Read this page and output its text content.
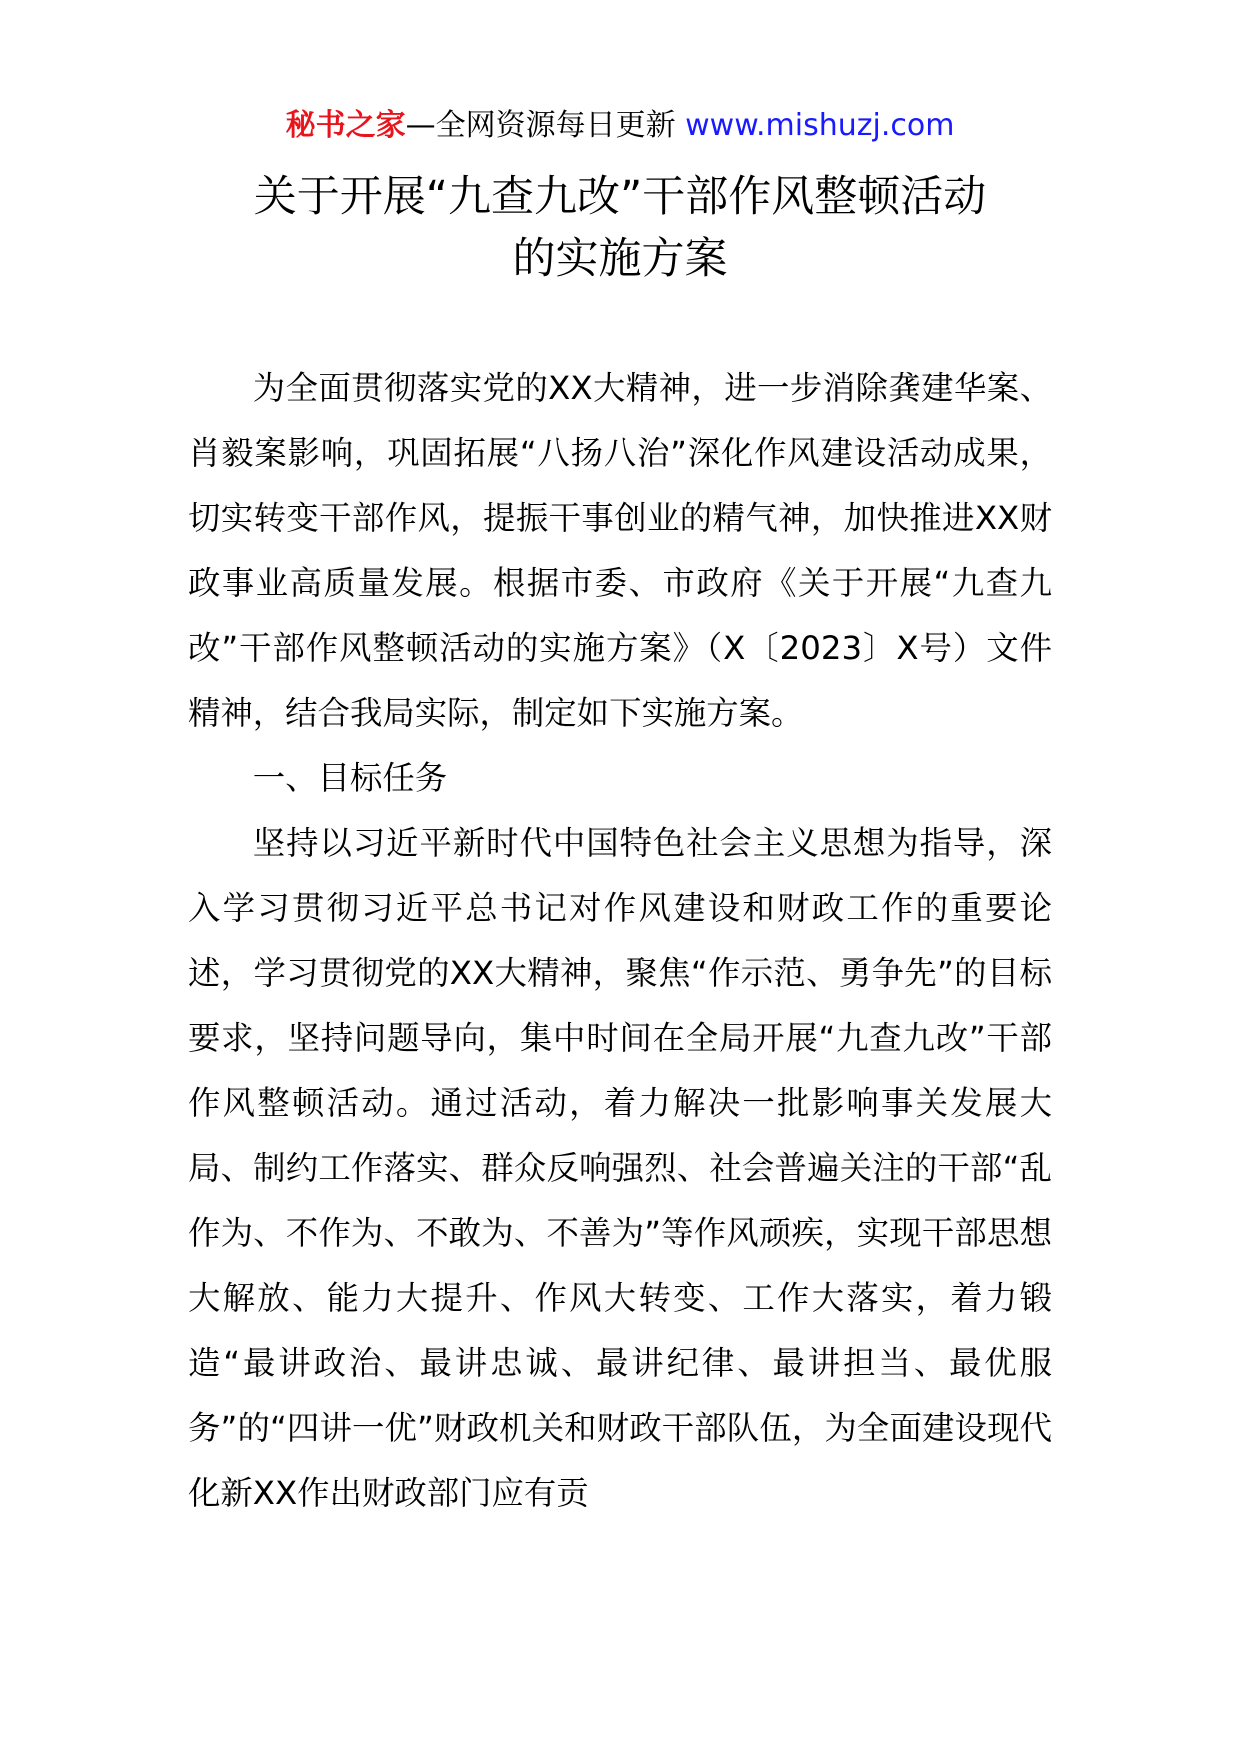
秘书之家—全网资源每日更新 www.mishuzj.com
关于开展“九查九改”干部作风整顿活动
的实施方案

为全面贯彻落实党的XX大精神，进一步消除龚建华案、肖毅案影响，巩固拓展“八扬八治”深化作风建设活动成果，切实转变干部作风，提振干事创业的精气神，加快推进XX财政事业高质量发展。根据市委、市政府《关于开展“九查九改”干部作风整顿活动的实施方案》（X〔2023〕X号）文件精神，结合我局实际，制定如下实施方案。

一、目标任务

坚持以习近平新时代中国特色社会主义思想为指导，深入学习贯彻习近平总书记对作风建设和财政工作的重要论述，学习贯彻党的XX大精神，聚焦“作示范、勇争先”的目标要求，坚持问题导向，集中时间在全局开展“九查九改”干部作风整顿活动。通过活动，着力解决一批影响事关发展大局、制约工作落实、群众反响强烈、社会普遍关注的干部“乱作为、不作为、不敢为、不善为”等作风顽疾，实现干部思想大解放、能力大提升、作风大转变、工作大落实，着力锻造“最讲政治、最讲忠诚、最讲纪律、最讲担当、最优服务”的“四讲一优”财政机关和财政干部队伍，为全面建设现代化新XX作出财政部门应有贡
